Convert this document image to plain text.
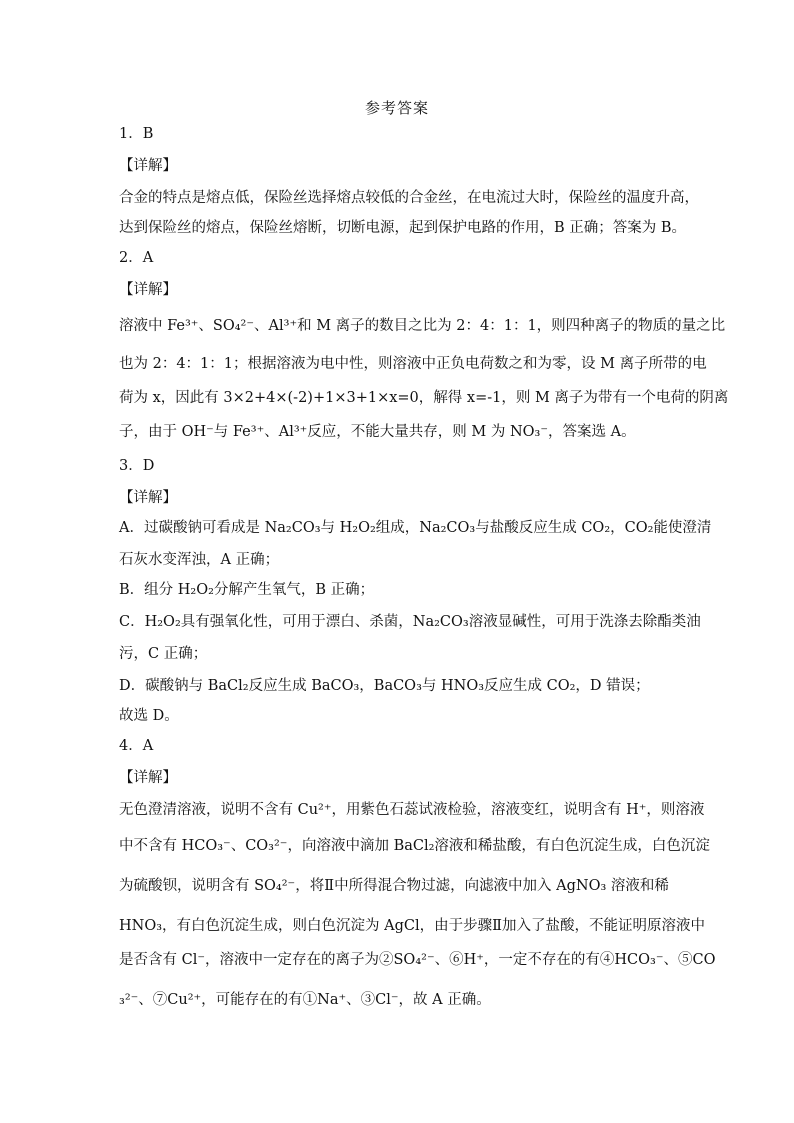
参考答案
1．B
【详解】
合金的特点是熔点低，保险丝选择熔点较低的合金丝，在电流过大时，保险丝的温度升高，
达到保险丝的熔点，保险丝熔断，切断电源，起到保护电路的作用，B 正确；答案为 B。
2．A
【详解】
溶液中 Fe³⁺、SO₄²⁻、Al³⁺和 M 离子的数目之比为 2：4：1：1，则四种离子的物质的量之比
也为 2：4：1：1；根据溶液为电中性，则溶液中正负电荷数之和为零，设 M 离子所带的电
荷为 x，因此有 3×2+4×(-2)+1×3+1×x=0，解得 x=-1，则 M 离子为带有一个电荷的阴离
子，由于 OH⁻与 Fe³⁺、Al³⁺反应，不能大量共存，则 M 为 NO₃⁻，答案选 A。
3．D
【详解】
A．过碳酸钠可看成是 Na₂CO₃与 H₂O₂组成，Na₂CO₃与盐酸反应生成 CO₂，CO₂能使澄清
石灰水变浑浊，A 正确；
B．组分 H₂O₂分解产生氧气，B 正确；
C．H₂O₂具有强氧化性，可用于漂白、杀菌，Na₂CO₃溶液显碱性，可用于洗涤去除酯类油
污，C 正确；
D．碳酸钠与 BaCl₂反应生成 BaCO₃，BaCO₃与 HNO₃反应生成 CO₂，D 错误；
故选 D。
4．A
【详解】
无色澄清溶液，说明不含有 Cu²⁺，用紫色石蕊试液检验，溶液变红，说明含有 H⁺，则溶液
中不含有 HCO₃⁻、CO₃²⁻，向溶液中滴加 BaCl₂溶液和稀盐酸，有白色沉淀生成，白色沉淀
为硫酸钡，说明含有 SO₄²⁻，将Ⅱ中所得混合物过滤，向滤液中加入 AgNO₃ 溶液和稀
HNO₃，有白色沉淀生成，则白色沉淀为 AgCl，由于步骤Ⅱ加入了盐酸，不能证明原溶液中
是否含有 Cl⁻，溶液中一定存在的离子为②SO₄²⁻、⑥H⁺，一定不存在的有④HCO₃⁻、⑤CO
₃²⁻、⑦Cu²⁺，可能存在的有①Na⁺、③Cl⁻，故 A 正确。
